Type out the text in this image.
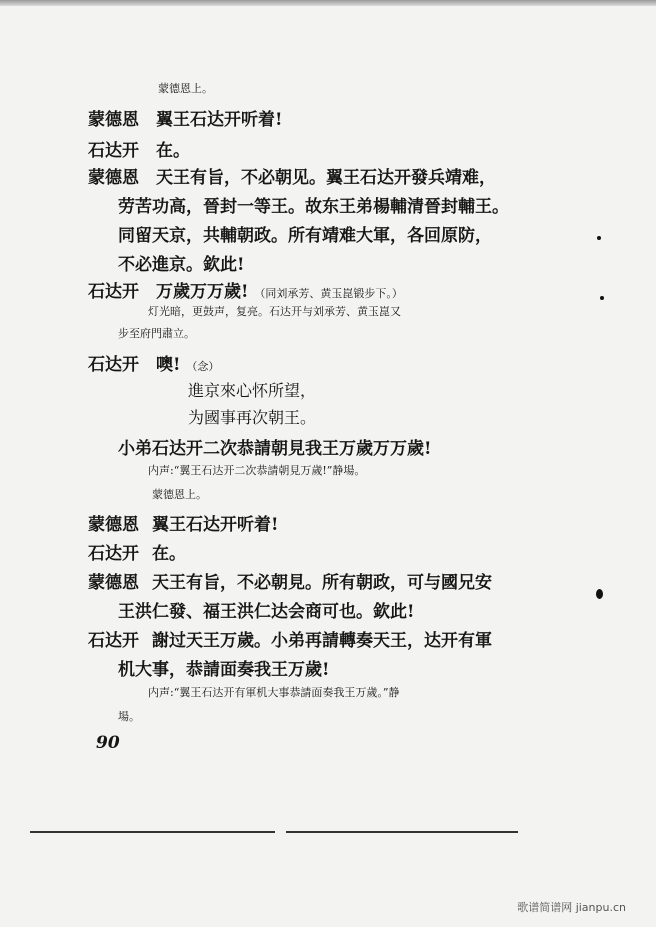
蒙德恩上。
蒙德恩 翼王石达开听着!
石达开 在。
蒙德恩 天王有旨，不必朝见。翼王石达开發兵靖难，
劳苦功高，晉封一等王。故东王弟楊輔清晉封輔王。
同留天京，共輔朝政。所有靖难大軍，各回原防，
不必進京。欽此!
石达开 万歲万万歲! （同刘承芳、黄玉崑锻步下。）
灯光暗，更鼓声，复亮。石达开与刘承芳、黄玉崑又
步至府門肅立。
石达开 噢! （念）
進京來心怀所望，
为國事再次朝王。
小弟石达开二次恭請朝見我王万歲万万歲!
内声:“翼王石达开二次恭請朝見万歲!”静場。
蒙德恩上。
蒙德恩 翼王石达开听着!
石达开 在。
蒙德恩 天王有旨，不必朝見。所有朝政，可与國兄安
王洪仁發、福王洪仁达会商可也。欽此!
石达开 謝过天王万歲。小弟再請轉奏天王，达开有軍
机大事，恭請面奏我王万歲!
内声:“翼王石达开有軍机大事恭請面奏我王万歲。”静
場。
90
歌谱简谱网 jianpu.cn
